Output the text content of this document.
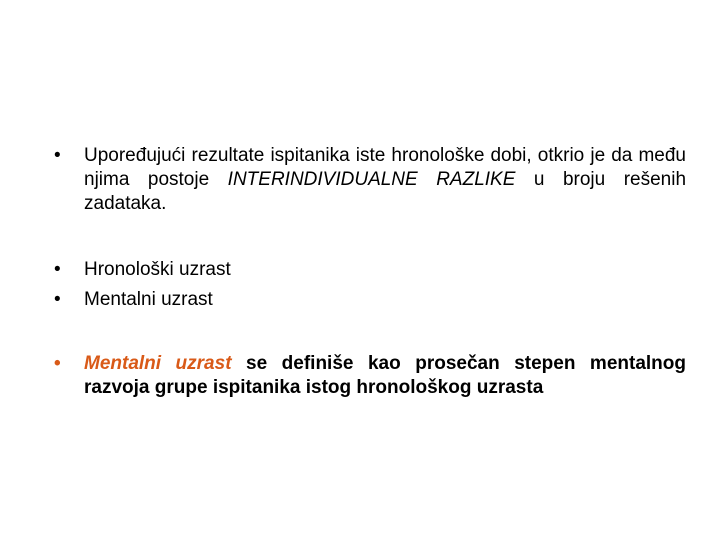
•	Upoređujući rezultate ispitanika iste hronološke dobi, otkrio je da među njima postoje INTERINDIVIDUALNE RAZLIKE u broju rešenih zadataka.
•	Hronološki uzrast
•	Mentalni uzrast
•	Mentalni uzrast se definiše kao prosečan stepen mentalnog razvoja grupe ispitanika istog hronološkog uzrasta
